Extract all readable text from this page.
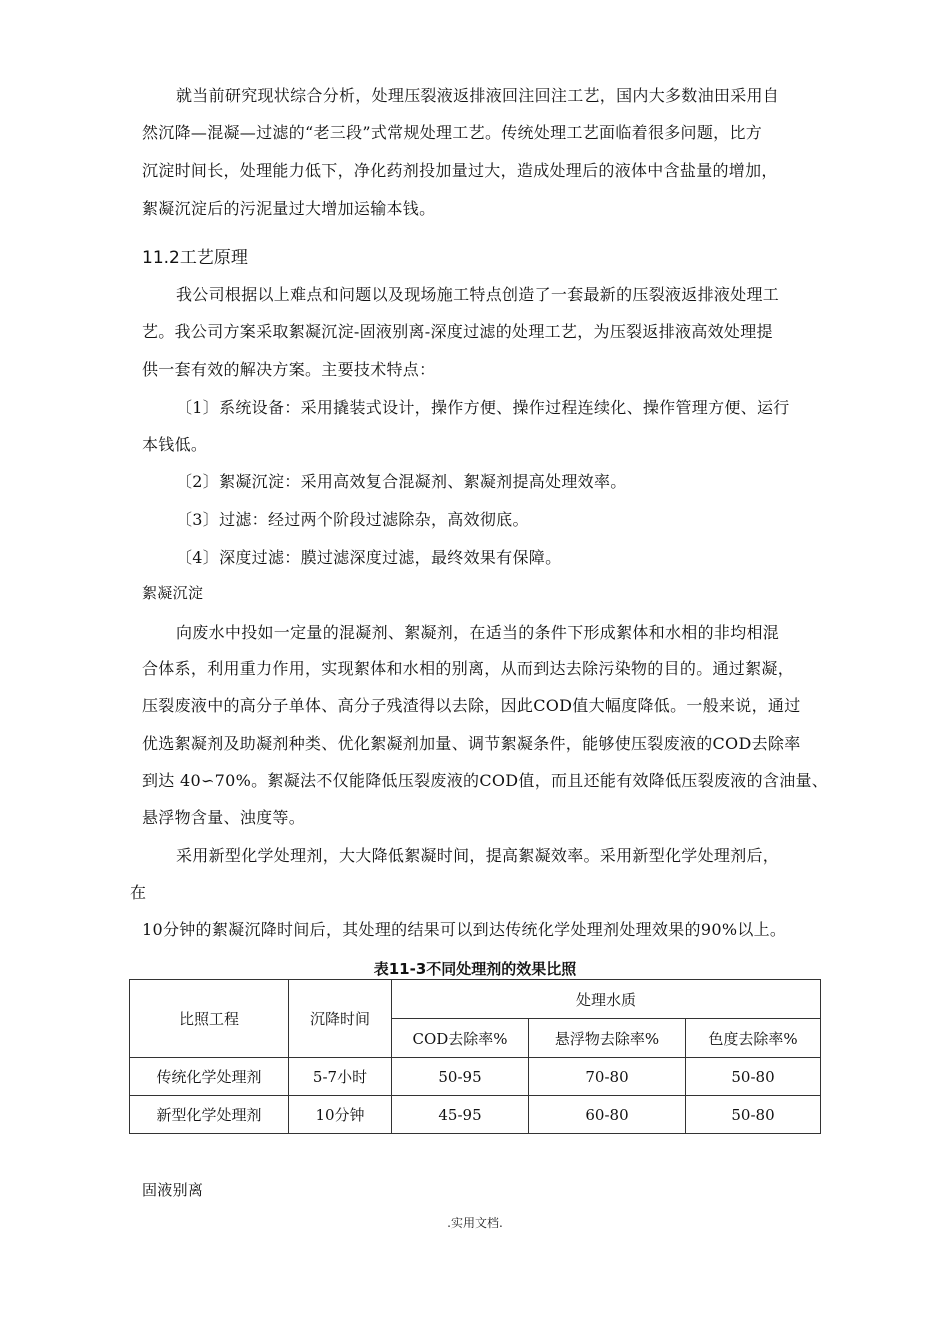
就当前研究现状综合分析，处理压裂液返排液回注回注工艺，国内大多数油田采用自
然沉降—混凝—过滤的“老三段”式常规处理工艺。传统处理工艺面临着很多问题，比方
沉淀时间长，处理能力低下，净化药剂投加量过大，造成处理后的液体中含盐量的增加，
絮凝沉淀后的污泥量过大增加运输本钱。
11.2工艺原理
我公司根据以上难点和问题以及现场施工特点创造了一套最新的压裂液返排液处理工
艺。我公司方案采取絮凝沉淀-固液别离-深度过滤的处理工艺，为压裂返排液高效处理提
供一套有效的解决方案。主要技术特点：
〔1〕系统设备：采用撬装式设计，操作方便、操作过程连续化、操作管理方便、运行
本钱低。
〔2〕絮凝沉淀：采用高效复合混凝剂、絮凝剂提高处理效率。
〔3〕过滤：经过两个阶段过滤除杂，高效彻底。
〔4〕深度过滤：膜过滤深度过滤，最终效果有保障。
絮凝沉淀
向废水中投如一定量的混凝剂、絮凝剂，在适当的条件下形成絮体和水相的非均相混
合体系，利用重力作用，实现絮体和水相的别离，从而到达去除污染物的目的。通过絮凝，
压裂废液中的高分子单体、高分子残渣得以去除，因此COD值大幅度降低。一般来说，通过
优选絮凝剂及助凝剂种类、优化絮凝剂加量、调节絮凝条件，能够使压裂废液的COD去除率
到达 40∽70%。絮凝法不仅能降低压裂废液的COD值，而且还能有效降低压裂废液的含油量、
悬浮物含量、浊度等。
采用新型化学处理剂，大大降低絮凝时间，提高絮凝效率。采用新型化学处理剂后，
在
10分钟的絮凝沉降时间后，其处理的结果可以到达传统化学处理剂处理效果的90%以上。
表11-3不同处理剂的效果比照
比照工程	沉降时间	处理水质		
		COD去除率%	悬浮物去除率%	色度去除率%
传统化学处理剂	5-7小时	50-95	70-80	50-80
新型化学处理剂	10分钟	45-95	60-80	50-80
固液别离
.实用文档.
